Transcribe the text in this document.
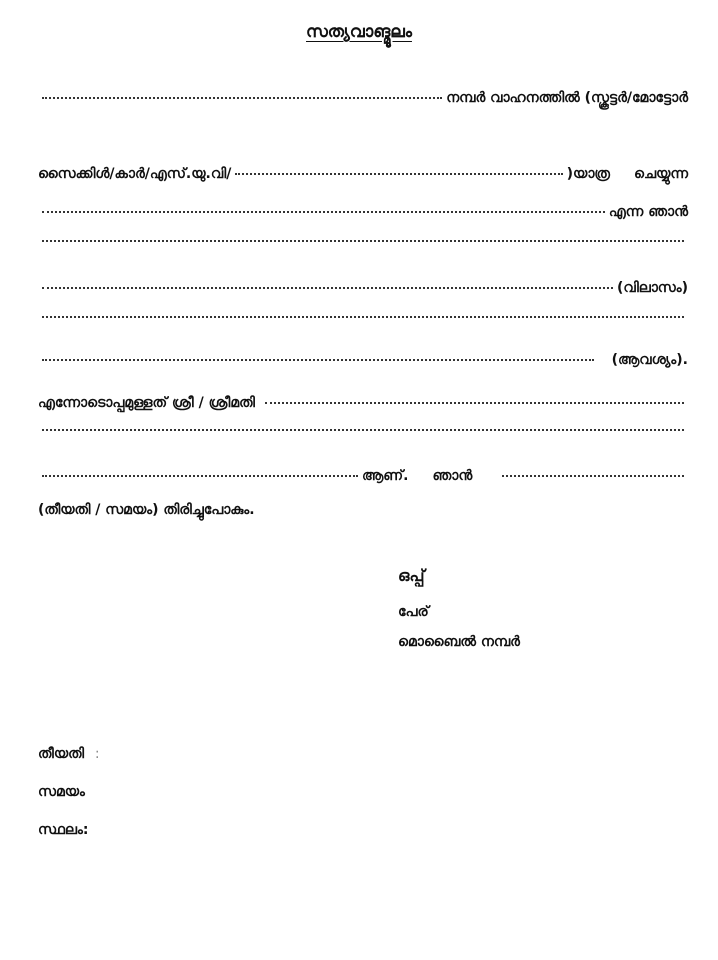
സത്യവാങ്മൂലം
നമ്പർ വാഹനത്തിൽ (സ്കൂട്ടർ/മോട്ടോർ
സൈക്കിൾ/കാർ/എസ്.യു.വി/	)യാത്ര ചെയ്യുന്ന
എന്ന ഞാൻ
(വിലാസം)
(ആവശ്യം).
എന്നോടൊപ്പമുള്ളത് ശ്രീ / ശ്രീമതി
ആണ്. ഞാൻ
(തീയതി / സമയം) തിരിച്ചുപോകും.
ഒപ്പ്
പേര്
മൊബൈൽ നമ്പർ
തീയതി :
സമയം
സ്ഥലം:
